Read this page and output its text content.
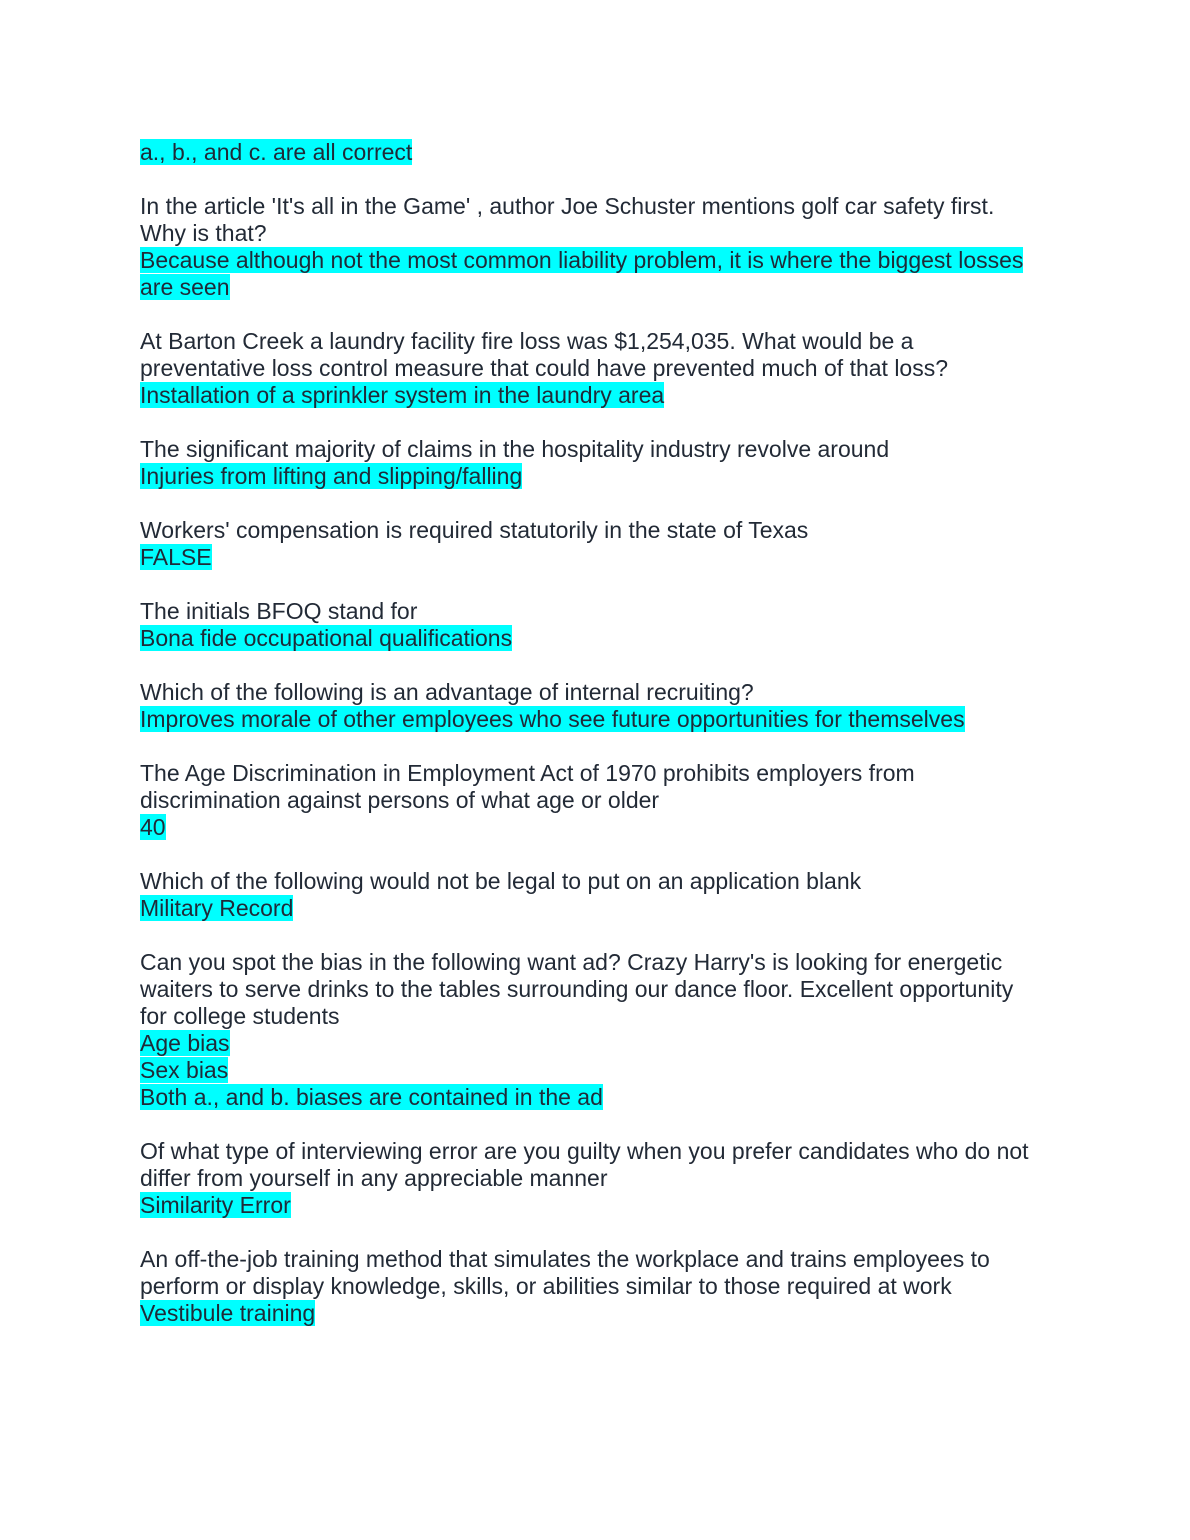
a., b., and c. are all correct
In the article 'It's all in the Game' , author Joe Schuster mentions golf car safety first.
Why is that?
Because although not the most common liability problem, it is where the biggest losses
are seen
At Barton Creek a laundry facility fire loss was $1,254,035. What would be a
preventative loss control measure that could have prevented much of that loss?
Installation of a sprinkler system in the laundry area
The significant majority of claims in the hospitality industry revolve around
Injuries from lifting and slipping/falling
Workers' compensation is required statutorily in the state of Texas
FALSE
The initials BFOQ stand for
Bona fide occupational qualifications
Which of the following is an advantage of internal recruiting?
Improves morale of other employees who see future opportunities for themselves
The Age Discrimination in Employment Act of 1970 prohibits employers from
discrimination against persons of what age or older
40
Which of the following would not be legal to put on an application blank
Military Record
Can you spot the bias in the following want ad? Crazy Harry's is looking for energetic
waiters to serve drinks to the tables surrounding our dance floor. Excellent opportunity
for college students
Age bias
Sex bias
Both a., and b. biases are contained in the ad
Of what type of interviewing error are you guilty when you prefer candidates who do not
differ from yourself in any appreciable manner
Similarity Error
An off-the-job training method that simulates the workplace and trains employees to
perform or display knowledge, skills, or abilities similar to those required at work
Vestibule training
